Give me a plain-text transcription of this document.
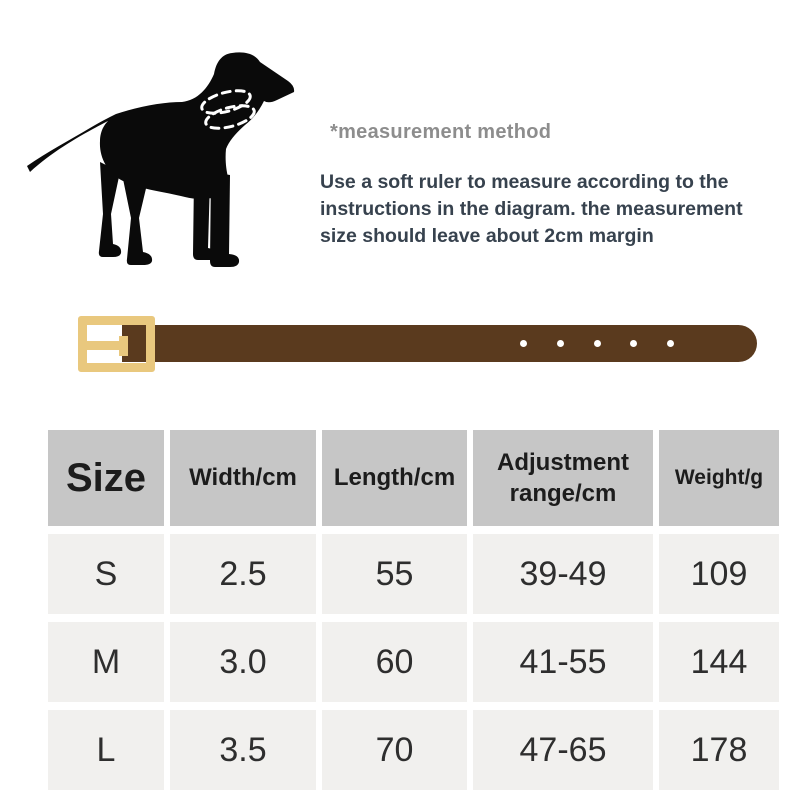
*measurement method
Use a soft ruler to measure according to the
instructions in the diagram. the measurement
size should leave about 2cm margin
Size	Width/cm	Length/cm	Adjustment range/cm	Weight/g
S	2.5	55	39-49	109
M	3.0	60	41-55	144
L	3.5	70	47-65	178
